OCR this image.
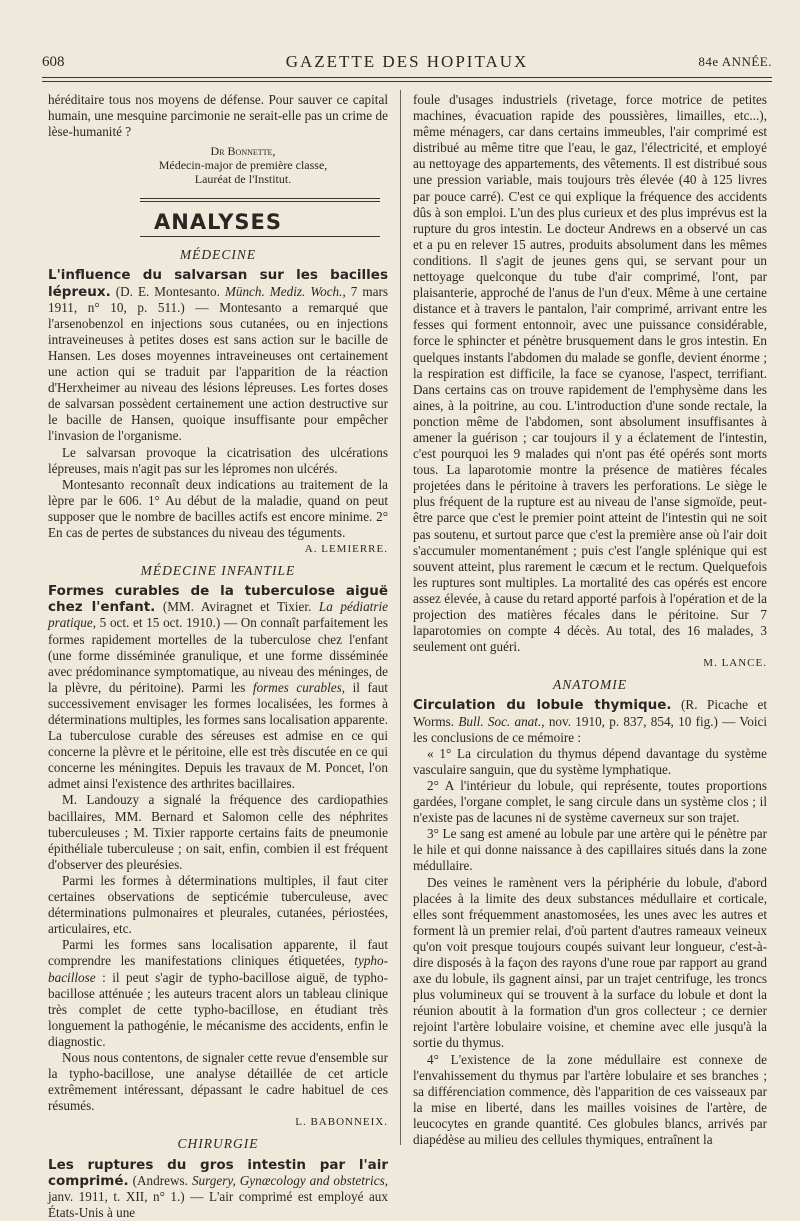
608	GAZETTE DES HOPITAUX	84e ANNÉE.

héréditaire tous nos moyens de défense. Pour sauver ce capital humain, une mesquine parcimonie ne serait-elle pas un crime de lèse-humanité ?

Dr Bonnette,
Médecin-major de première classe,
Lauréat de l'Institut.
ANALYSES
MÉDECINE

L'influence du salvarsan sur les bacilles lépreux. (D. E. Montesanto. Münch. Mediz. Woch., 7 mars 1911, n° 10, p. 511.) — Montesanto a remarqué que l'arsenobenzol en injections sous cutanées, ou en injections intraveineuses à petites doses est sans action sur le bacille de Hansen. Les doses moyennes intraveineuses ont certainement une action qui se traduit par l'apparition de la réaction d'Herxheimer au niveau des lésions lépreuses. Les fortes doses de salvarsan possèdent certainement une action destructive sur le bacille de Hansen, quoique insuffisante pour empêcher l'invasion de l'organisme.

Le salvarsan provoque la cicatrisation des ulcérations lépreuses, mais n'agit pas sur les lépromes non ulcérés.

Montesanto reconnaît deux indications au traitement de la lèpre par le 606. 1° Au début de la maladie, quand on peut supposer que le nombre de bacilles actifs est encore minime. 2° En cas de pertes de substances du niveau des téguments.

A. LEMIERRE.

MÉDECINE INFANTILE

Formes curables de la tuberculose aiguë chez l'enfant. (MM. Aviragnet et Tixier. La pédiatrie pratique, 5 oct. et 15 oct. 1910.) — On connaît parfaitement les formes rapidement mortelles de la tuberculose chez l'enfant (une forme disséminée granulique, et une forme disséminée avec prédominance symptomatique, au niveau des méninges, de la plèvre, du péritoine). Parmi les formes curables, il faut successivement envisager les formes localisées, les formes à déterminations multiples, les formes sans localisation apparente. La tuberculose curable des séreuses est admise en ce qui concerne la plèvre et le péritoine, elle est très discutée en ce qui concerne les méningites. Depuis les travaux de M. Poncet, l'on admet ainsi l'existence des arthrites bacillaires.

M. Landouzy a signalé la fréquence des cardiopathies bacillaires, MM. Bernard et Salomon celle des néphrites tuberculeuses ; M. Tixier rapporte certains faits de pneumonie épithéliale tuberculeuse ; on sait, enfin, combien il est fréquent d'observer des pleurésies.

Parmi les formes à déterminations multiples, il faut citer certaines observations de septicémie tuberculeuse, avec déterminations pulmonaires et pleurales, cutanées, périostées, articulaires, etc.

Parmi les formes sans localisation apparente, il faut comprendre les manifestations cliniques étiquetées, typho-bacillose : il peut s'agir de typho-bacillose aiguë, de typho-bacillose atténuée ; les auteurs tracent alors un tableau clinique très complet de cette typho-bacillose, en étudiant très longuement la pathogénie, le mécanisme des accidents, enfin le diagnostic.

Nous nous contentons, de signaler cette revue d'ensemble sur la typho-bacillose, une analyse détaillée de cet article extrêmement intéressant, dépassant le cadre habituel de ces résumés.

L. BABONNEIX.

CHIRURGIE

Les ruptures du gros intestin par l'air comprimé. (Andrews. Surgery, Gynæcology and obstetrics, janv. 1911, t. XII, n° 1.) — L'air comprimé est employé aux États-Unis à une

foule d'usages industriels (rivetage, force motrice de petites machines, évacuation rapide des poussières, limailles, etc...), même ménagers, car dans certains immeubles, l'air comprimé est distribué au même titre que l'eau, le gaz, l'électricité, et employé au nettoyage des appartements, des vêtements. Il est distribué sous une pression variable, mais toujours très élevée (40 à 125 livres par pouce carré). C'est ce qui explique la fréquence des accidents dûs à son emploi. L'un des plus curieux et des plus imprévus est la rupture du gros intestin. Le docteur Andrews en a observé un cas et a pu en relever 15 autres, produits absolument dans les mêmes conditions. Il s'agit de jeunes gens qui, se servant pour un nettoyage quelconque du tube d'air comprimé, l'ont, par plaisanterie, approché de l'anus de l'un d'eux. Même à une certaine distance et à travers le pantalon, l'air comprimé, arrivant entre les fesses qui forment entonnoir, avec une puissance considérable, force le sphincter et pénètre brusquement dans le gros intestin. En quelques instants l'abdomen du malade se gonfle, devient énorme ; la respiration est difficile, la face se cyanose, l'aspect, terrifiant. Dans certains cas on trouve rapidement de l'emphysème dans les aines, à la poitrine, au cou. L'introduction d'une sonde rectale, la ponction même de l'abdomen, sont absolument insuffisantes à amener la guérison ; car toujours il y a éclatement de l'intestin, c'est pourquoi les 9 malades qui n'ont pas été opérés sont morts tous. La laparotomie montre la présence de matières fécales projetées dans le péritoine à travers les perforations. Le siège le plus fréquent de la rupture est au niveau de l'anse sigmoïde, peut-être parce que c'est le premier point atteint de l'intestin qui ne soit pas soutenu, et surtout parce que c'est la première anse où l'air doit s'accumuler momentanément ; puis c'est l'angle splénique qui est souvent atteint, plus rarement le cæcum et le rectum. Quelquefois les ruptures sont multiples. La mortalité des cas opérés est encore assez élevée, à cause du retard apporté parfois à l'opération et de la projection des matières fécales dans le péritoine. Sur 7 laparotomies on compte 4 décès. Au total, des 16 malades, 3 seulement ont guéri.

M. LANCE.

ANATOMIE

Circulation du lobule thymique. (R. Picache et Worms. Bull. Soc. anat., nov. 1910, p. 837, 854, 10 fig.) — Voici les conclusions de ce mémoire :

« 1° La circulation du thymus dépend davantage du système vasculaire sanguin, que du système lymphatique.

2° A l'intérieur du lobule, qui représente, toutes proportions gardées, l'organe complet, le sang circule dans un système clos ; il n'existe pas de lacunes ni de système caverneux sur son trajet.

3° Le sang est amené au lobule par une artère qui le pénètre par le hile et qui donne naissance à des capillaires situés dans la zone médullaire.

Des veines le ramènent vers la périphérie du lobule, d'abord placées à la limite des deux substances médullaire et corticale, elles sont fréquemment anastomosées, les unes avec les autres et forment là un premier relai, d'où partent d'autres rameaux veineux qu'on voit presque toujours coupés suivant leur longueur, c'est-à-dire disposés à la façon des rayons d'une roue par rapport au grand axe du lobule, ils gagnent ainsi, par un trajet centrifuge, les troncs plus volumineux qui se trouvent à la surface du lobule et dont la réunion aboutit à la formation d'un gros collecteur ; ce dernier rejoint l'artère lobulaire voisine, et chemine avec elle jusqu'à la sortie du thymus.

4° L'existence de la zone médullaire est connexe de l'envahissement du thymus par l'artère lobulaire et ses branches ; sa différenciation commence, dès l'apparition de ces vaisseaux par la mise en liberté, dans les mailles voisines de l'artère, de leucocytes en grande quantité. Ces globules blancs, arrivés par diapédèse au milieu des cellules thymiques, entraînent la
